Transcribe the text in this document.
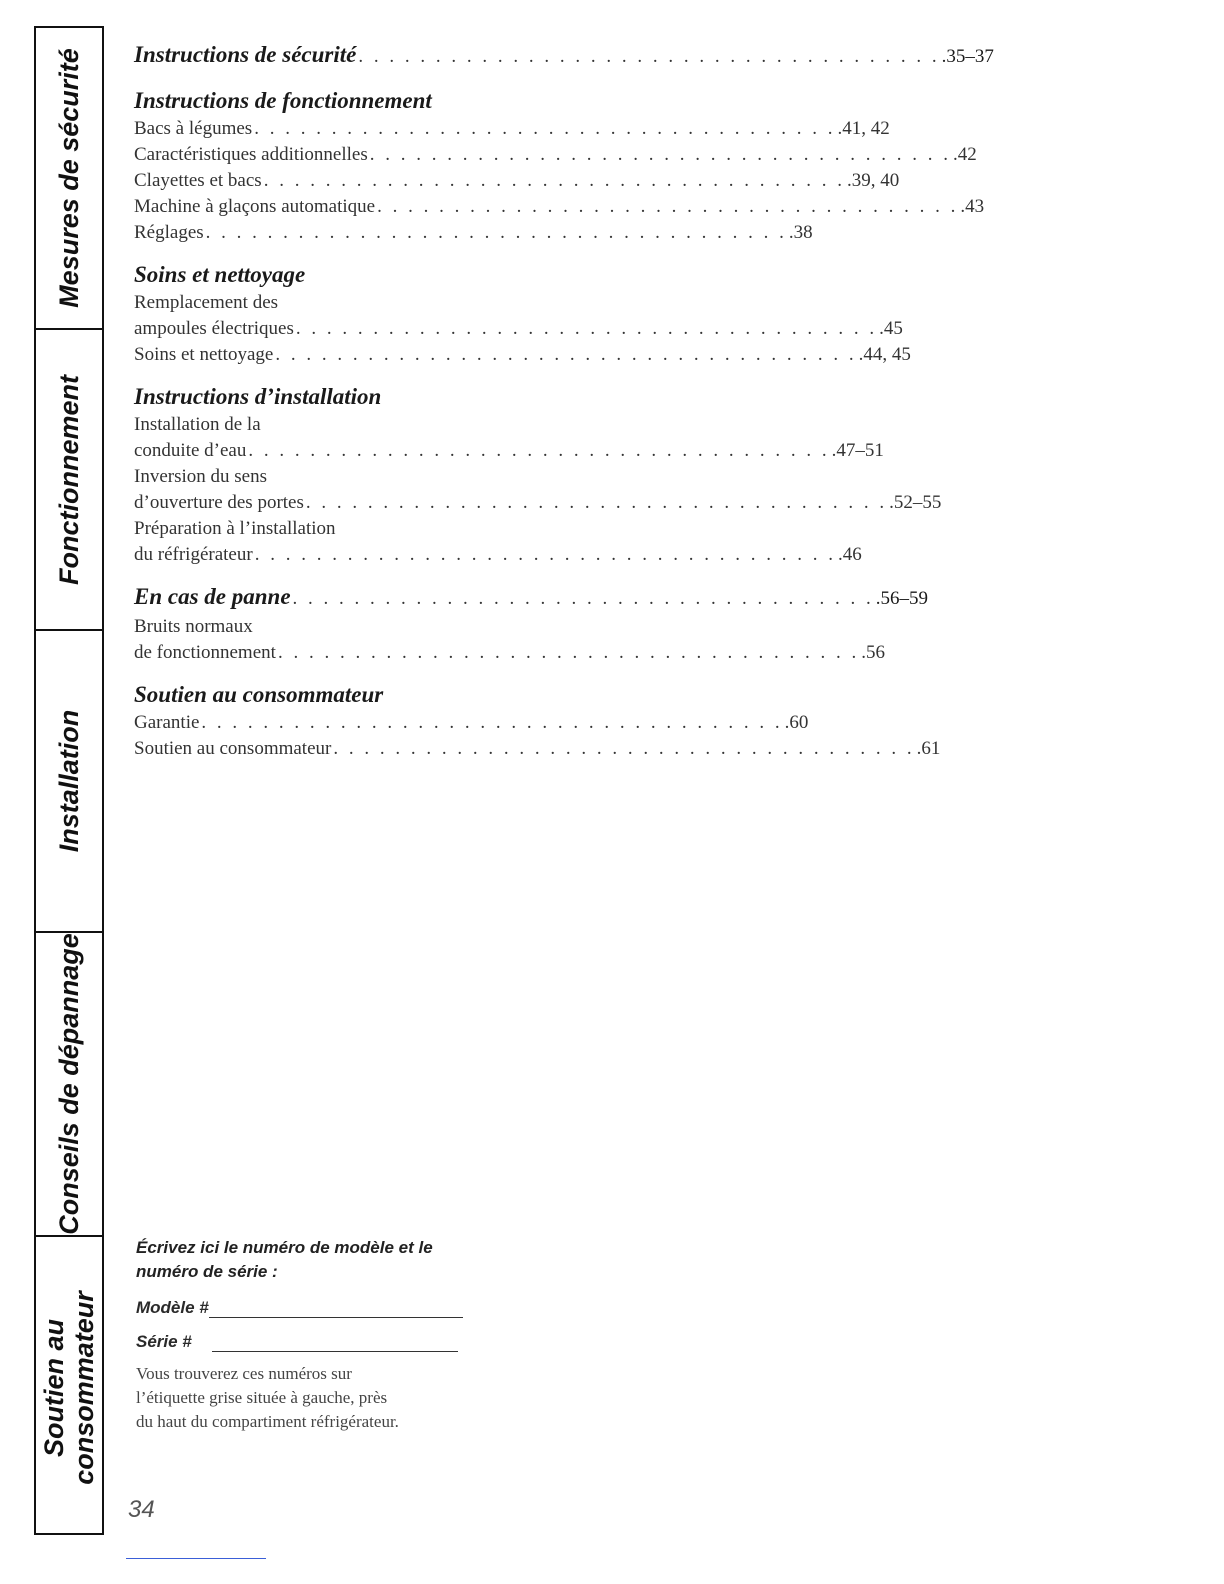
Mesures de sécurité
Fonctionnement
Installation
Conseils de dépannage
Soutien au consommateur
Instructions de sécurité . . . . . . . . . . . . . . . . . . . . . . . . . . . . . . . . . . . . . . .35–37
Instructions de fonctionnement
Bacs à légumes . . . . . . . . . . . . . . . . . . . . . . . . . . . . . . . . . . . . . . .41, 42
Caractéristiques additionnelles . . . . . . . . . . . . . . . . . . . . . . . . . . . . . . . . . . . . . . .42
Clayettes et bacs . . . . . . . . . . . . . . . . . . . . . . . . . . . . . . . . . . . . . . .39, 40
Machine à glaçons automatique . . . . . . . . . . . . . . . . . . . . . . . . . . . . . . . . . . . . . . .43
Réglages . . . . . . . . . . . . . . . . . . . . . . . . . . . . . . . . . . . . . . .38
Soins et nettoyage
Remplacement des
ampoules électriques . . . . . . . . . . . . . . . . . . . . . . . . . . . . . . . . . . . . . . .45
Soins et nettoyage . . . . . . . . . . . . . . . . . . . . . . . . . . . . . . . . . . . . . . .44, 45
Instructions d’installation
Installation de la
conduite d’eau . . . . . . . . . . . . . . . . . . . . . . . . . . . . . . . . . . . . . . .47–51
Inversion du sens
d’ouverture des portes . . . . . . . . . . . . . . . . . . . . . . . . . . . . . . . . . . . . . . .52–55
Préparation à l’installation
du réfrigérateur . . . . . . . . . . . . . . . . . . . . . . . . . . . . . . . . . . . . . . .46
En cas de panne . . . . . . . . . . . . . . . . . . . . . . . . . . . . . . . . . . . . . . .56–59
Bruits normaux
de fonctionnement . . . . . . . . . . . . . . . . . . . . . . . . . . . . . . . . . . . . . . .56
Soutien au consommateur
Garantie . . . . . . . . . . . . . . . . . . . . . . . . . . . . . . . . . . . . . . .60
Soutien au consommateur . . . . . . . . . . . . . . . . . . . . . . . . . . . . . . . . . . . . . . .61
Écrivez ici le numéro de modèle et le
numéro de série :
Modèle #
Série #
Vous trouverez ces numéros sur
l’étiquette grise située à gauche, près
du haut du compartiment réfrigérateur.
34
